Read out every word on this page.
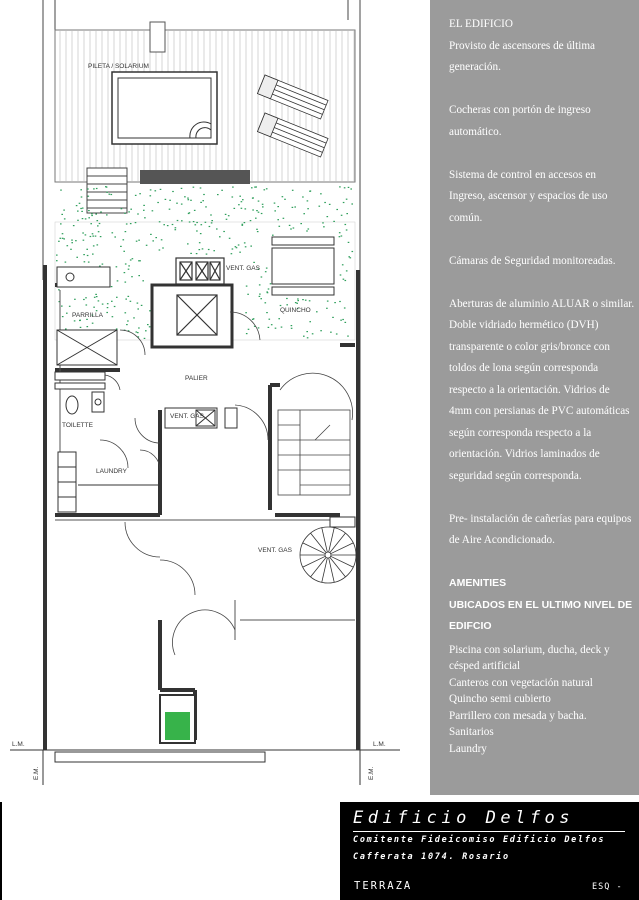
PILETA / SOLARIUM
QUINCHO
PARRILLA
VENT. GAS
PALIER
TOILETTE
LAUNDRY
VENT. GAS
VENT. GAS
L.M.	L.M.
E.M.	E.M.

EL EDIFICIO

Provisto de ascensores de última generación.

Cocheras con portón de ingreso automático.

Sistema de control en accesos en Ingreso, ascensor y espacios de uso común.

Cámaras de Seguridad monitoreadas.

Aberturas de aluminio ALUAR o similar. Doble vidriado hermético (DVH) transparente o color gris/bronce con toldos de lona según corresponda respecto a la orientación. Vidrios de 4mm con persianas de PVC automáticas según corresponda respecto a la orientación. Vidrios laminados de seguridad según corresponda.

Pre- instalación de cañerías para equipos de Aire Acondicionado.

AMENITIES

UBICADOS EN EL ULTIMO NIVEL DE EDIFCIO

Piscina con solarium, ducha, deck y césped artificial

Canteros con vegetación natural

Quincho semi cubierto

Parrillero con mesada y bacha.

Sanitarios

Laundry

Edificio Delfos
Comitente Fideicomiso Edificio Delfos
Cafferata 1074. Rosario
TERRAZA	ESQ -
